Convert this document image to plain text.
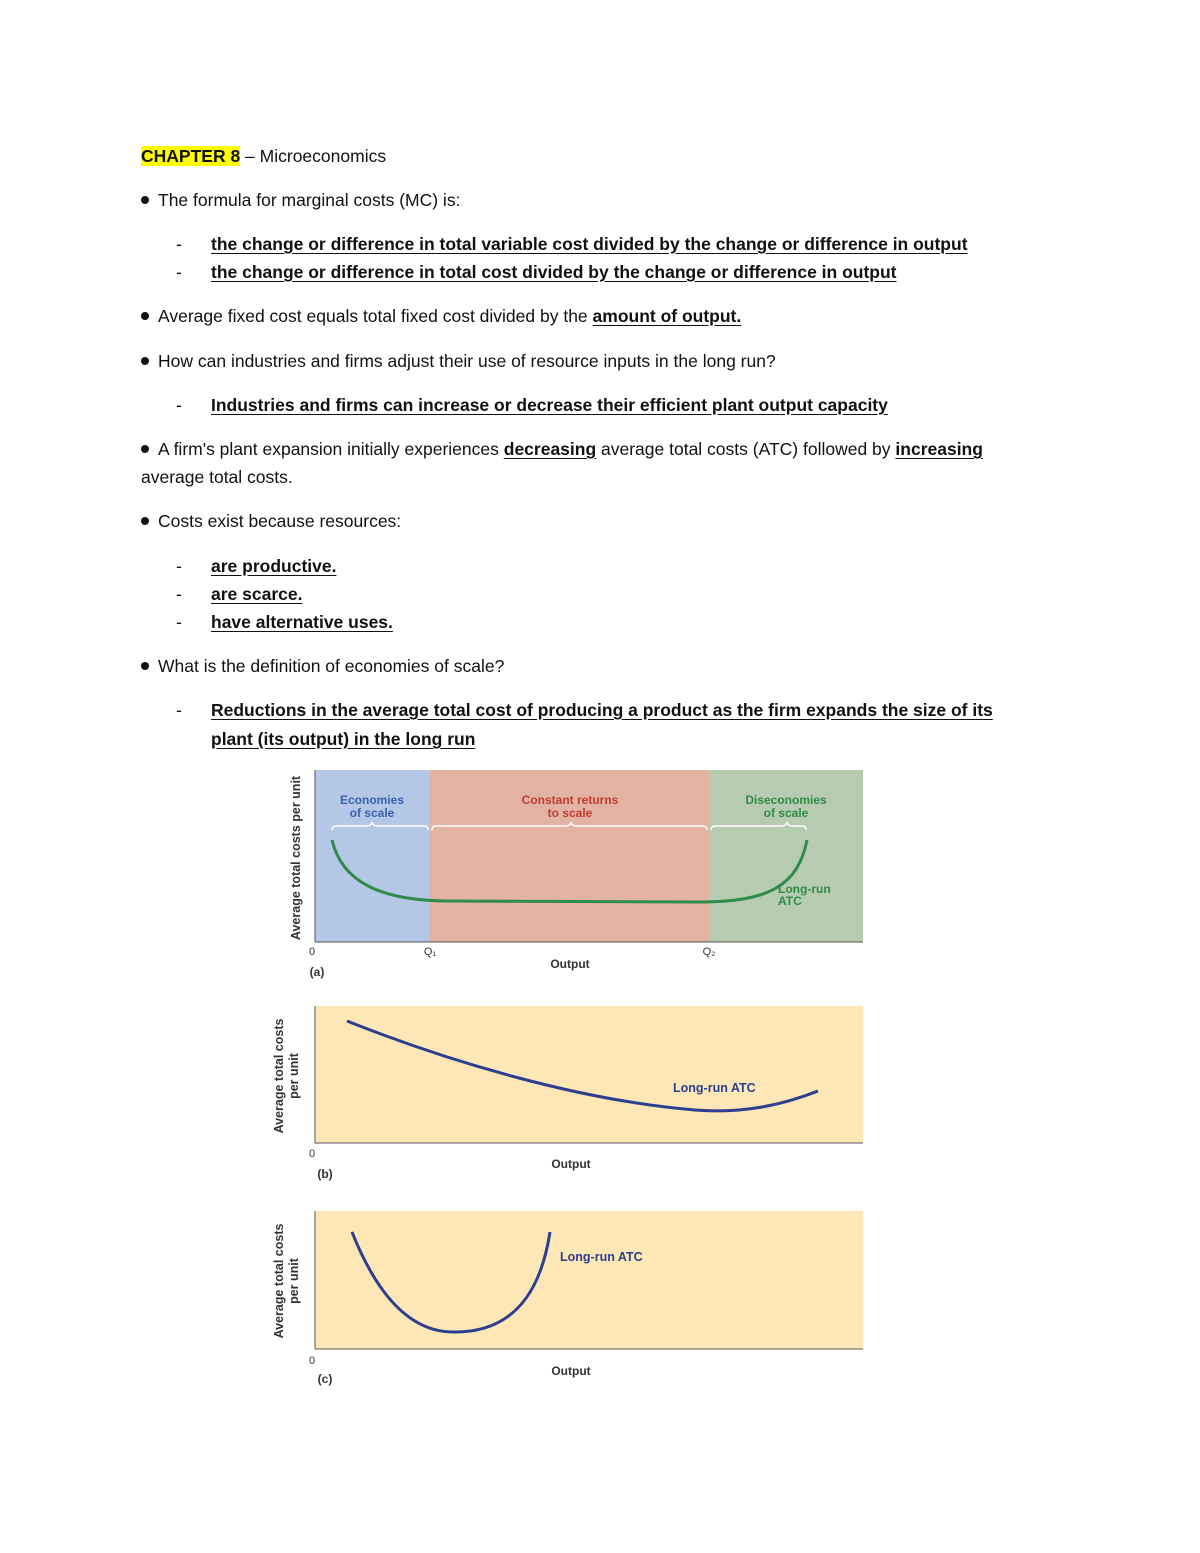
CHAPTER 8 – Microeconomics
The formula for marginal costs (MC) is:
- the change or difference in total variable cost divided by the change or difference in output
- the change or difference in total cost divided by the change or difference in output
Average fixed cost equals total fixed cost divided by the amount of output.
How can industries and firms adjust their use of resource inputs in the long run?
- Industries and firms can increase or decrease their efficient plant output capacity
A firm's plant expansion initially experiences decreasing average total costs (ATC) followed by increasing
average total costs.
Costs exist because resources:
- are productive.
- are scarce.
- have alternative uses.
What is the definition of economies of scale?
- Reductions in the average total cost of producing a product as the firm expands the size of its
plant (its output) in the long run
Economies
of scale
Constant returns
to scale
Diseconomies
of scale
Long-run
ATC
Average total costs per unit
0	Q₁	Q₂
Output
(a)
Long-run ATC
Average total costs per unit
0
Output
(b)
Long-run ATC
Average total costs per unit
0
Output
(c)
